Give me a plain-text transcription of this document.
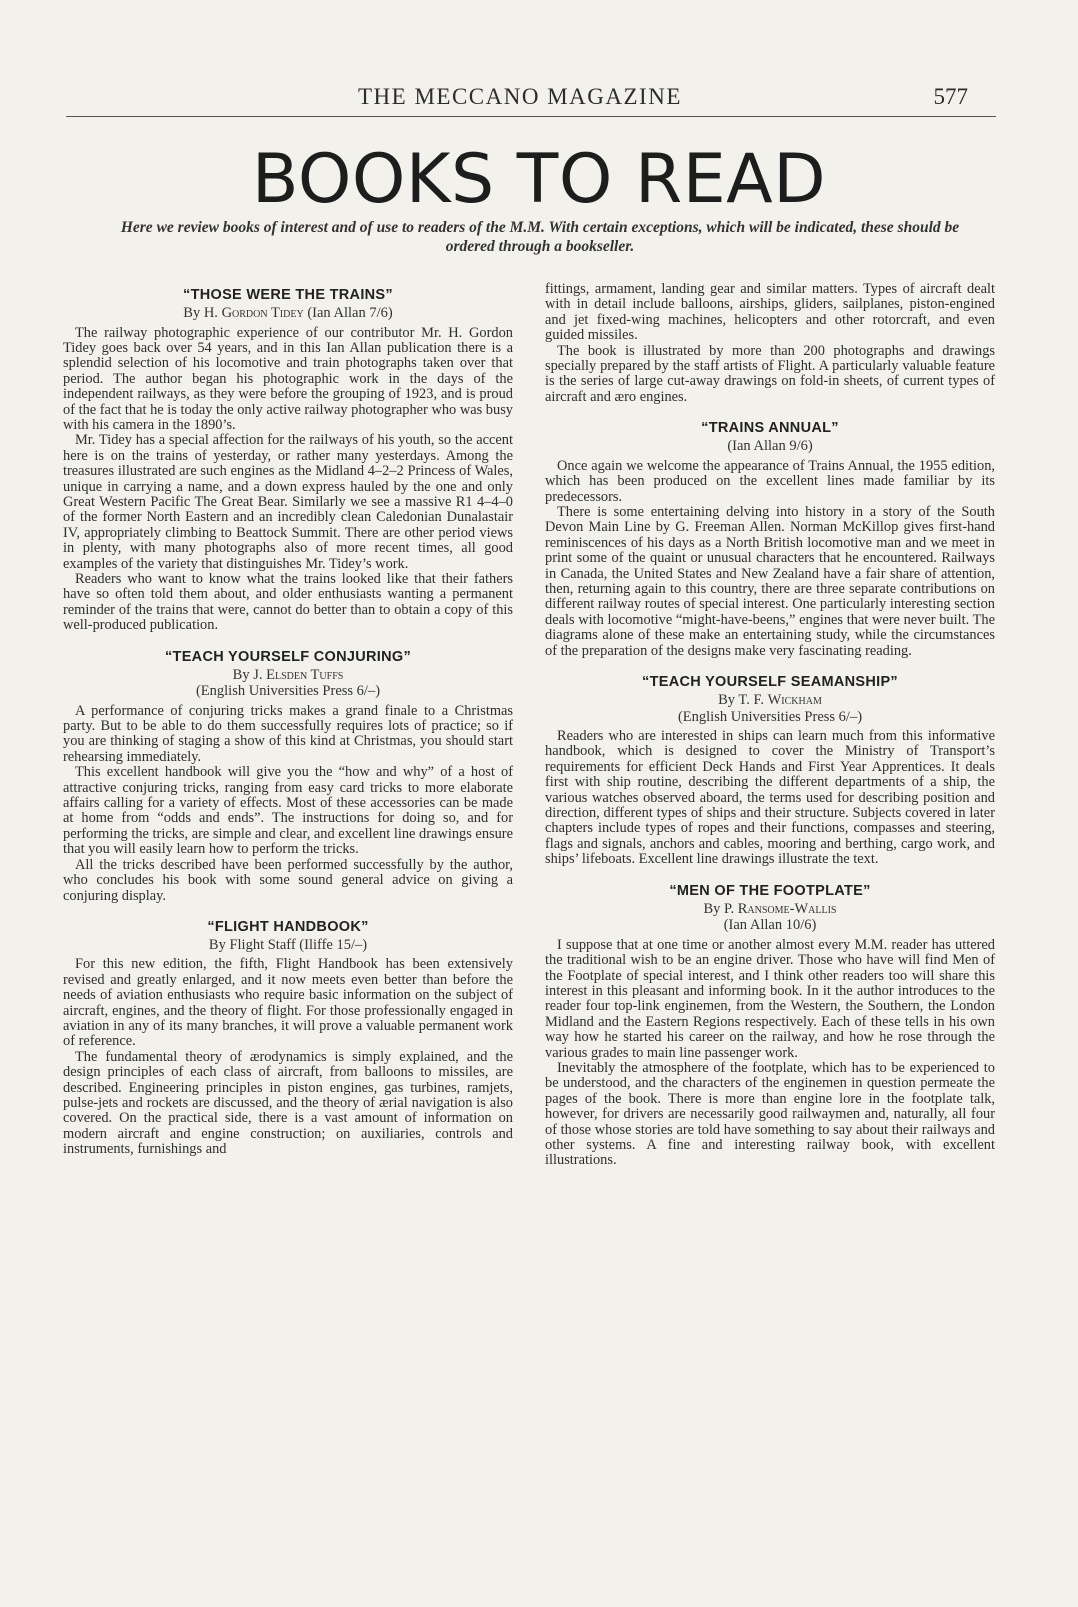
THE MECCANO MAGAZINE	577
BOOKS TO READ
Here we review books of interest and of use to readers of the M.M. With certain exceptions, which will be indicated, these should be ordered through a bookseller.
“THOSE WERE THE TRAINS”
By H. Gordon Tidey (Ian Allan 7/6)

The railway photographic experience of our contributor Mr. H. Gordon Tidey goes back over 54 years, and in this Ian Allan publication there is a splendid selection of his locomotive and train photographs taken over that period. The author began his photographic work in the days of the independent railways, as they were before the grouping of 1923, and is proud of the fact that he is today the only active railway photographer who was busy with his camera in the 1890’s.

Mr. Tidey has a special affection for the railways of his youth, so the accent here is on the trains of yesterday, or rather many yesterdays. Among the treasures illustrated are such engines as the Midland 4–2–2 Princess of Wales, unique in carrying a name, and a down express hauled by the one and only Great Western Pacific The Great Bear. Similarly we see a massive R1 4–4–0 of the former North Eastern and an incredibly clean Caledonian Dunalastair IV, appropriately climbing to Beattock Summit. There are other period views in plenty, with many photographs also of more recent times, all good examples of the variety that distinguishes Mr. Tidey’s work.

Readers who want to know what the trains looked like that their fathers have so often told them about, and older enthusiasts wanting a permanent reminder of the trains that were, cannot do better than to obtain a copy of this well-produced publication.

“TEACH YOURSELF CONJURING”
By J. Elsden Tuffs
(English Universities Press 6/–)

A performance of conjuring tricks makes a grand finale to a Christmas party. But to be able to do them successfully requires lots of practice; so if you are thinking of staging a show of this kind at Christmas, you should start rehearsing immediately.

This excellent handbook will give you the “how and why” of a host of attractive conjuring tricks, ranging from easy card tricks to more elaborate affairs calling for a variety of effects. Most of these accessories can be made at home from “odds and ends”. The instructions for doing so, and for performing the tricks, are simple and clear, and excellent line drawings ensure that you will easily learn how to perform the tricks.

All the tricks described have been performed successfully by the author, who concludes his book with some sound general advice on giving a conjuring display.

“FLIGHT HANDBOOK”
By Flight Staff (Iliffe 15/–)

For this new edition, the fifth, Flight Handbook has been extensively revised and greatly enlarged, and it now meets even better than before the needs of aviation enthusiasts who require basic information on the subject of aircraft, engines, and the theory of flight. For those professionally engaged in aviation in any of its many branches, it will prove a valuable permanent work of reference.

The fundamental theory of ærodynamics is simply explained, and the design principles of each class of aircraft, from balloons to missiles, are described. Engineering principles in piston engines, gas turbines, ramjets, pulse-jets and rockets are discussed, and the theory of ærial navigation is also covered. On the practical side, there is a vast amount of information on modern aircraft and engine construction; on auxiliaries, controls and instruments, furnishings and

fittings, armament, landing gear and similar matters. Types of aircraft dealt with in detail include balloons, airships, gliders, sailplanes, piston-engined and jet fixed-wing machines, helicopters and other rotorcraft, and even guided missiles.

The book is illustrated by more than 200 photographs and drawings specially prepared by the staff artists of Flight. A particularly valuable feature is the series of large cut-away drawings on fold-in sheets, of current types of aircraft and æro engines.

“TRAINS ANNUAL”
(Ian Allan 9/6)

Once again we welcome the appearance of Trains Annual, the 1955 edition, which has been produced on the excellent lines made familiar by its predecessors.

There is some entertaining delving into history in a story of the South Devon Main Line by G. Freeman Allen. Norman McKillop gives first-hand reminiscences of his days as a North British locomotive man and we meet in print some of the quaint or unusual characters that he encountered. Railways in Canada, the United States and New Zealand have a fair share of attention, then, returning again to this country, there are three separate contributions on different railway routes of special interest. One particularly interesting section deals with locomotive “might-have-beens,” engines that were never built. The diagrams alone of these make an entertaining study, while the circumstances of the preparation of the designs make very fascinating reading.

“TEACH YOURSELF SEAMANSHIP”
By T. F. Wickham
(English Universities Press 6/–)

Readers who are interested in ships can learn much from this informative handbook, which is designed to cover the Ministry of Transport’s requirements for efficient Deck Hands and First Year Apprentices. It deals first with ship routine, describing the different departments of a ship, the various watches observed aboard, the terms used for describing position and direction, different types of ships and their structure. Subjects covered in later chapters include types of ropes and their functions, compasses and steering, flags and signals, anchors and cables, mooring and berthing, cargo work, and ships’ lifeboats. Excellent line drawings illustrate the text.

“MEN OF THE FOOTPLATE”
By P. Ransome-Wallis
(Ian Allan 10/6)

I suppose that at one time or another almost every M.M. reader has uttered the traditional wish to be an engine driver. Those who have will find Men of the Footplate of special interest, and I think other readers too will share this interest in this pleasant and informing book. In it the author introduces to the reader four top-link enginemen, from the Western, the Southern, the London Midland and the Eastern Regions respectively. Each of these tells in his own way how he started his career on the railway, and how he rose through the various grades to main line passenger work.

Inevitably the atmosphere of the footplate, which has to be experienced to be understood, and the characters of the enginemen in question permeate the pages of the book. There is more than engine lore in the footplate talk, however, for drivers are necessarily good railwaymen and, naturally, all four of those whose stories are told have something to say about their railways and other systems. A fine and interesting railway book, with excellent illustrations.
